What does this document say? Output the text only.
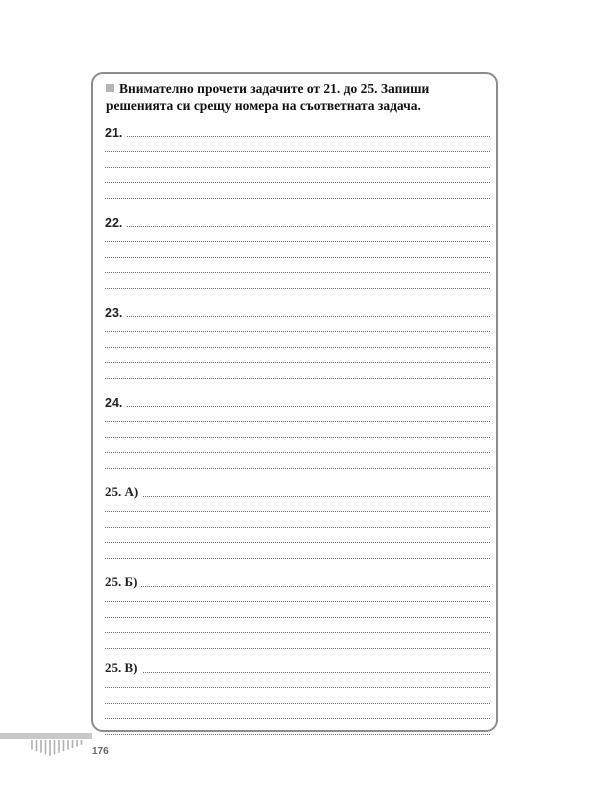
Внимателно прочети задачите от 21. до 25. Запиши решенията си срещу номера на съответната задача.
21.
22.
23.
24.
25. А)
25. Б)
25. В)
176
